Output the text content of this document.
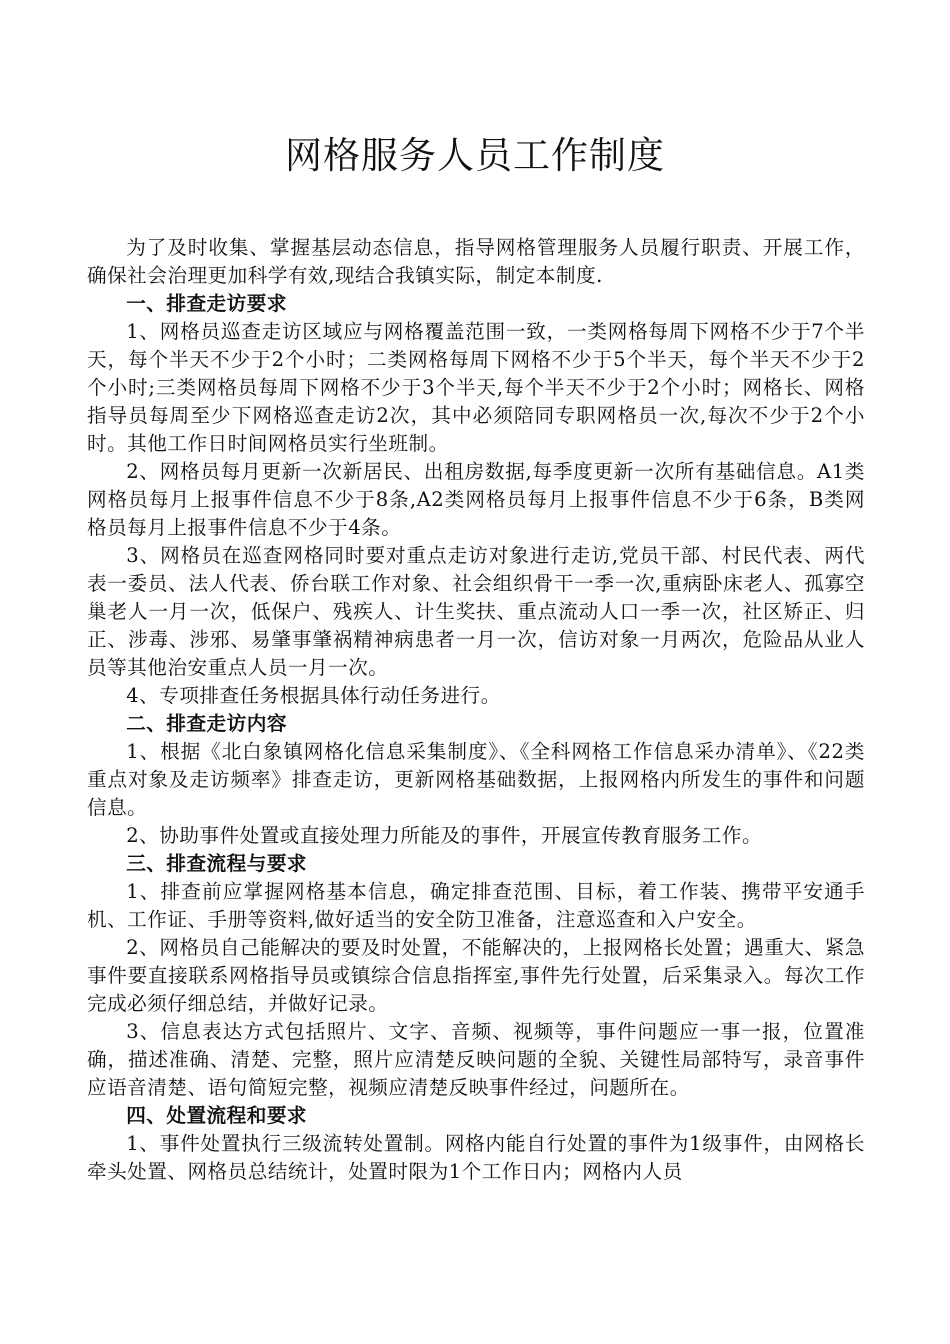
网格服务人员工作制度

为了及时收集、掌握基层动态信息，指导网格管理服务人员履行职责、开展工作，确保社会治理更加科学有效,现结合我镇实际，制定本制度.

一、排查走访要求

1、网格员巡查走访区域应与网格覆盖范围一致，一类网格每周下网格不少于7个半天，每个半天不少于2个小时；二类网格每周下网格不少于5个半天，每个半天不少于2个小时;三类网格员每周下网格不少于3个半天,每个半天不少于2个小时；网格长、网格指导员每周至少下网格巡查走访2次，其中必须陪同专职网格员一次,每次不少于2个小时。其他工作日时间网格员实行坐班制。

2、网格员每月更新一次新居民、出租房数据,每季度更新一次所有基础信息。A1类网格员每月上报事件信息不少于8条,A2类网格员每月上报事件信息不少于6条，B类网格员每月上报事件信息不少于4条。

3、网格员在巡查网格同时要对重点走访对象进行走访,党员干部、村民代表、两代表一委员、法人代表、侨台联工作对象、社会组织骨干一季一次,重病卧床老人、孤寡空巢老人一月一次，低保户、残疾人、计生奖扶、重点流动人口一季一次，社区矫正、归正、涉毒、涉邪、易肇事肇祸精神病患者一月一次，信访对象一月两次，危险品从业人员等其他治安重点人员一月一次。

4、专项排查任务根据具体行动任务进行。

二、排查走访内容

1、根据《北白象镇网格化信息采集制度》、《全科网格工作信息采办清单》、《22类重点对象及走访频率》排查走访，更新网格基础数据，上报网格内所发生的事件和问题信息。

2、协助事件处置或直接处理力所能及的事件，开展宣传教育服务工作。

三、排查流程与要求

1、排查前应掌握网格基本信息，确定排查范围、目标，着工作装、携带平安通手机、工作证、手册等资料,做好适当的安全防卫准备，注意巡查和入户安全。

2、网格员自己能解决的要及时处置，不能解决的，上报网格长处置；遇重大、紧急事件要直接联系网格指导员或镇综合信息指挥室,事件先行处置，后采集录入。每次工作完成必须仔细总结，并做好记录。

3、信息表达方式包括照片、文字、音频、视频等，事件问题应一事一报，位置准确，描述准确、清楚、完整，照片应清楚反映问题的全貌、关键性局部特写，录音事件应语音清楚、语句简短完整，视频应清楚反映事件经过，问题所在。

四、处置流程和要求

1、事件处置执行三级流转处置制。网格内能自行处置的事件为1级事件，由网格长牵头处置、网格员总结统计，处置时限为1个工作日内；网格内人员
